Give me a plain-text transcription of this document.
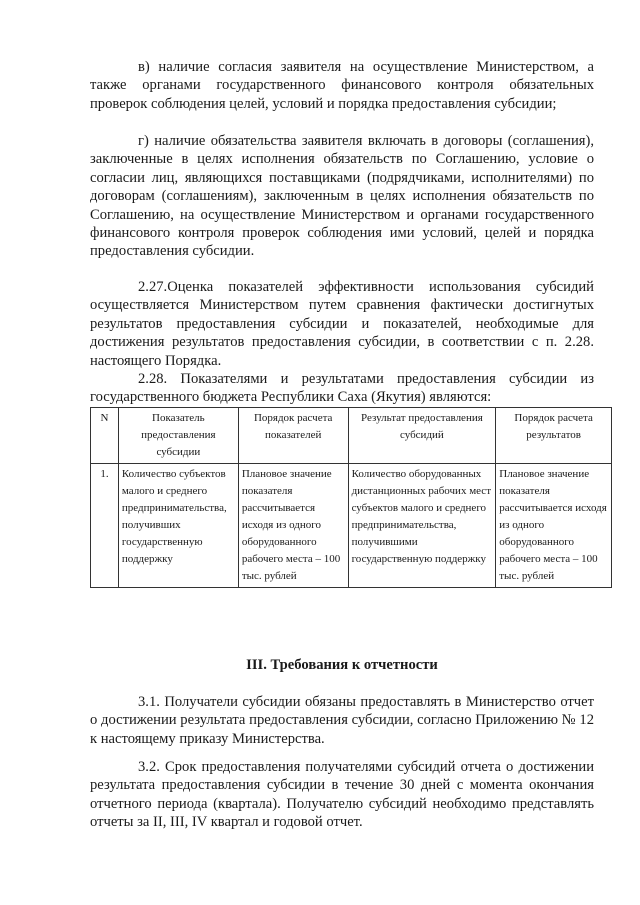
в) наличие согласия заявителя на осуществление Министерством, а также органами государственного финансового контроля обязательных проверок соблюдения целей, условий и порядка предоставления субсидии;

г) наличие обязательства заявителя включать в договоры (соглашения), заключенные в целях исполнения обязательств по Соглашению, условие о согласии лиц, являющихся поставщиками (подрядчиками, исполнителями) по договорам (соглашениям), заключенным в целях исполнения обязательств по Соглашению, на осуществление Министерством и органами государственного финансового контроля проверок соблюдения ими условий, целей и порядка предоставления субсидии.

2.27.Оценка показателей эффективности использования субсидий осуществляется Министерством путем сравнения фактически достигнутых результатов предоставления субсидии и показателей, необходимые для достижения результатов предоставления субсидии, в соответствии с п. 2.28. настоящего Порядка.

2.28. Показателями и результатами предоставления субсидии из государственного бюджета Республики Саха (Якутия) являются:

N	Показатель предоставления субсидии	Порядок расчета показателей	Результат предоставления субсидий	Порядок расчета результатов
1.	Количество субъектов малого и среднего предпринимательства, получивших государственную поддержку	Плановое значение показателя рассчитывается исходя из одного оборудованного рабочего места – 100 тыс. рублей	Количество оборудованных дистанционных рабочих мест субъектов малого и среднего предпринимательства, получившими государственную поддержку	Плановое значение показателя рассчитывается исходя из одного оборудованного рабочего места – 100 тыс. рублей

III. Требования к отчетности

3.1. Получатели субсидии обязаны предоставлять в Министерство отчет о достижении результата предоставления субсидии, согласно Приложению № 12 к настоящему приказу Министерства.

3.2. Срок предоставления получателями субсидий отчета о достижении результата предоставления субсидии в течение 30 дней с момента окончания отчетного периода (квартала). Получателю субсидий необходимо представлять отчеты за II, III, IV квартал и годовой отчет.
